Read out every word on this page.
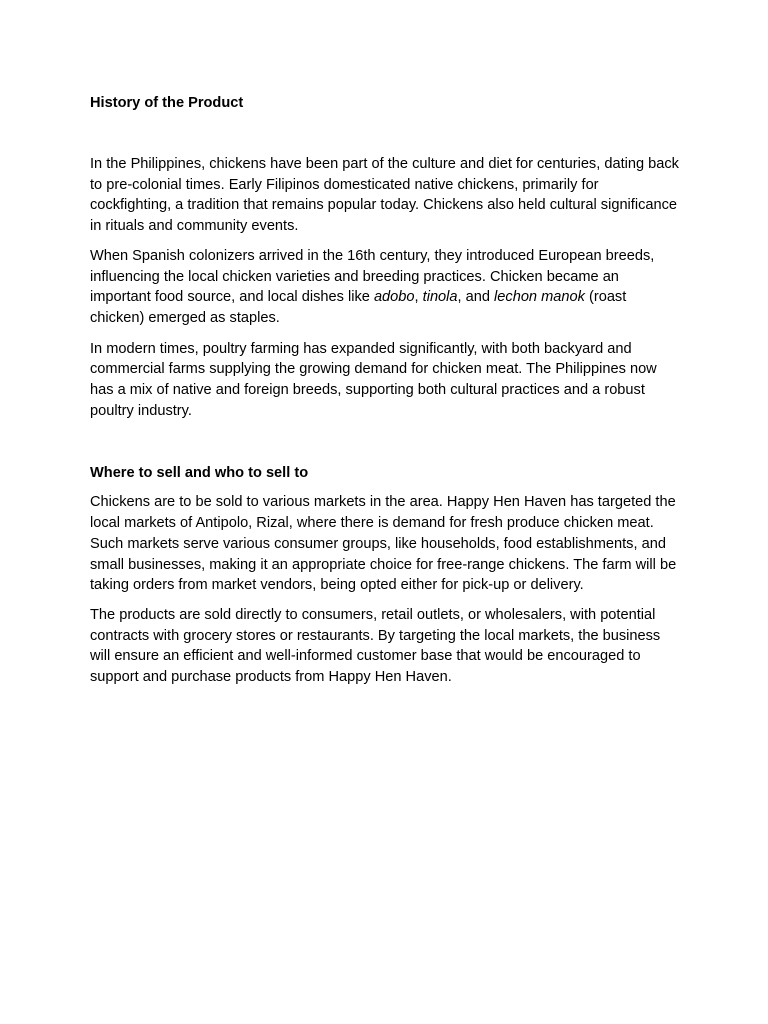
History of the Product

In the Philippines, chickens have been part of the culture and diet for centuries, dating back to pre-colonial times. Early Filipinos domesticated native chickens, primarily for cockfighting, a tradition that remains popular today. Chickens also held cultural significance in rituals and community events.

When Spanish colonizers arrived in the 16th century, they introduced European breeds, influencing the local chicken varieties and breeding practices. Chicken became an important food source, and local dishes like adobo, tinola, and lechon manok (roast chicken) emerged as staples.

In modern times, poultry farming has expanded significantly, with both backyard and commercial farms supplying the growing demand for chicken meat. The Philippines now has a mix of native and foreign breeds, supporting both cultural practices and a robust poultry industry.

Where to sell and who to sell to

Chickens are to be sold to various markets in the area. Happy Hen Haven has targeted the local markets of Antipolo, Rizal, where there is demand for fresh produce chicken meat. Such markets serve various consumer groups, like households, food establishments, and small businesses, making it an appropriate choice for free-range chickens. The farm will be taking orders from market vendors, being opted either for pick-up or delivery.

The products are sold directly to consumers, retail outlets, or wholesalers, with potential contracts with grocery stores or restaurants. By targeting the local markets, the business will ensure an efficient and well-informed customer base that would be encouraged to support and purchase products from Happy Hen Haven.
